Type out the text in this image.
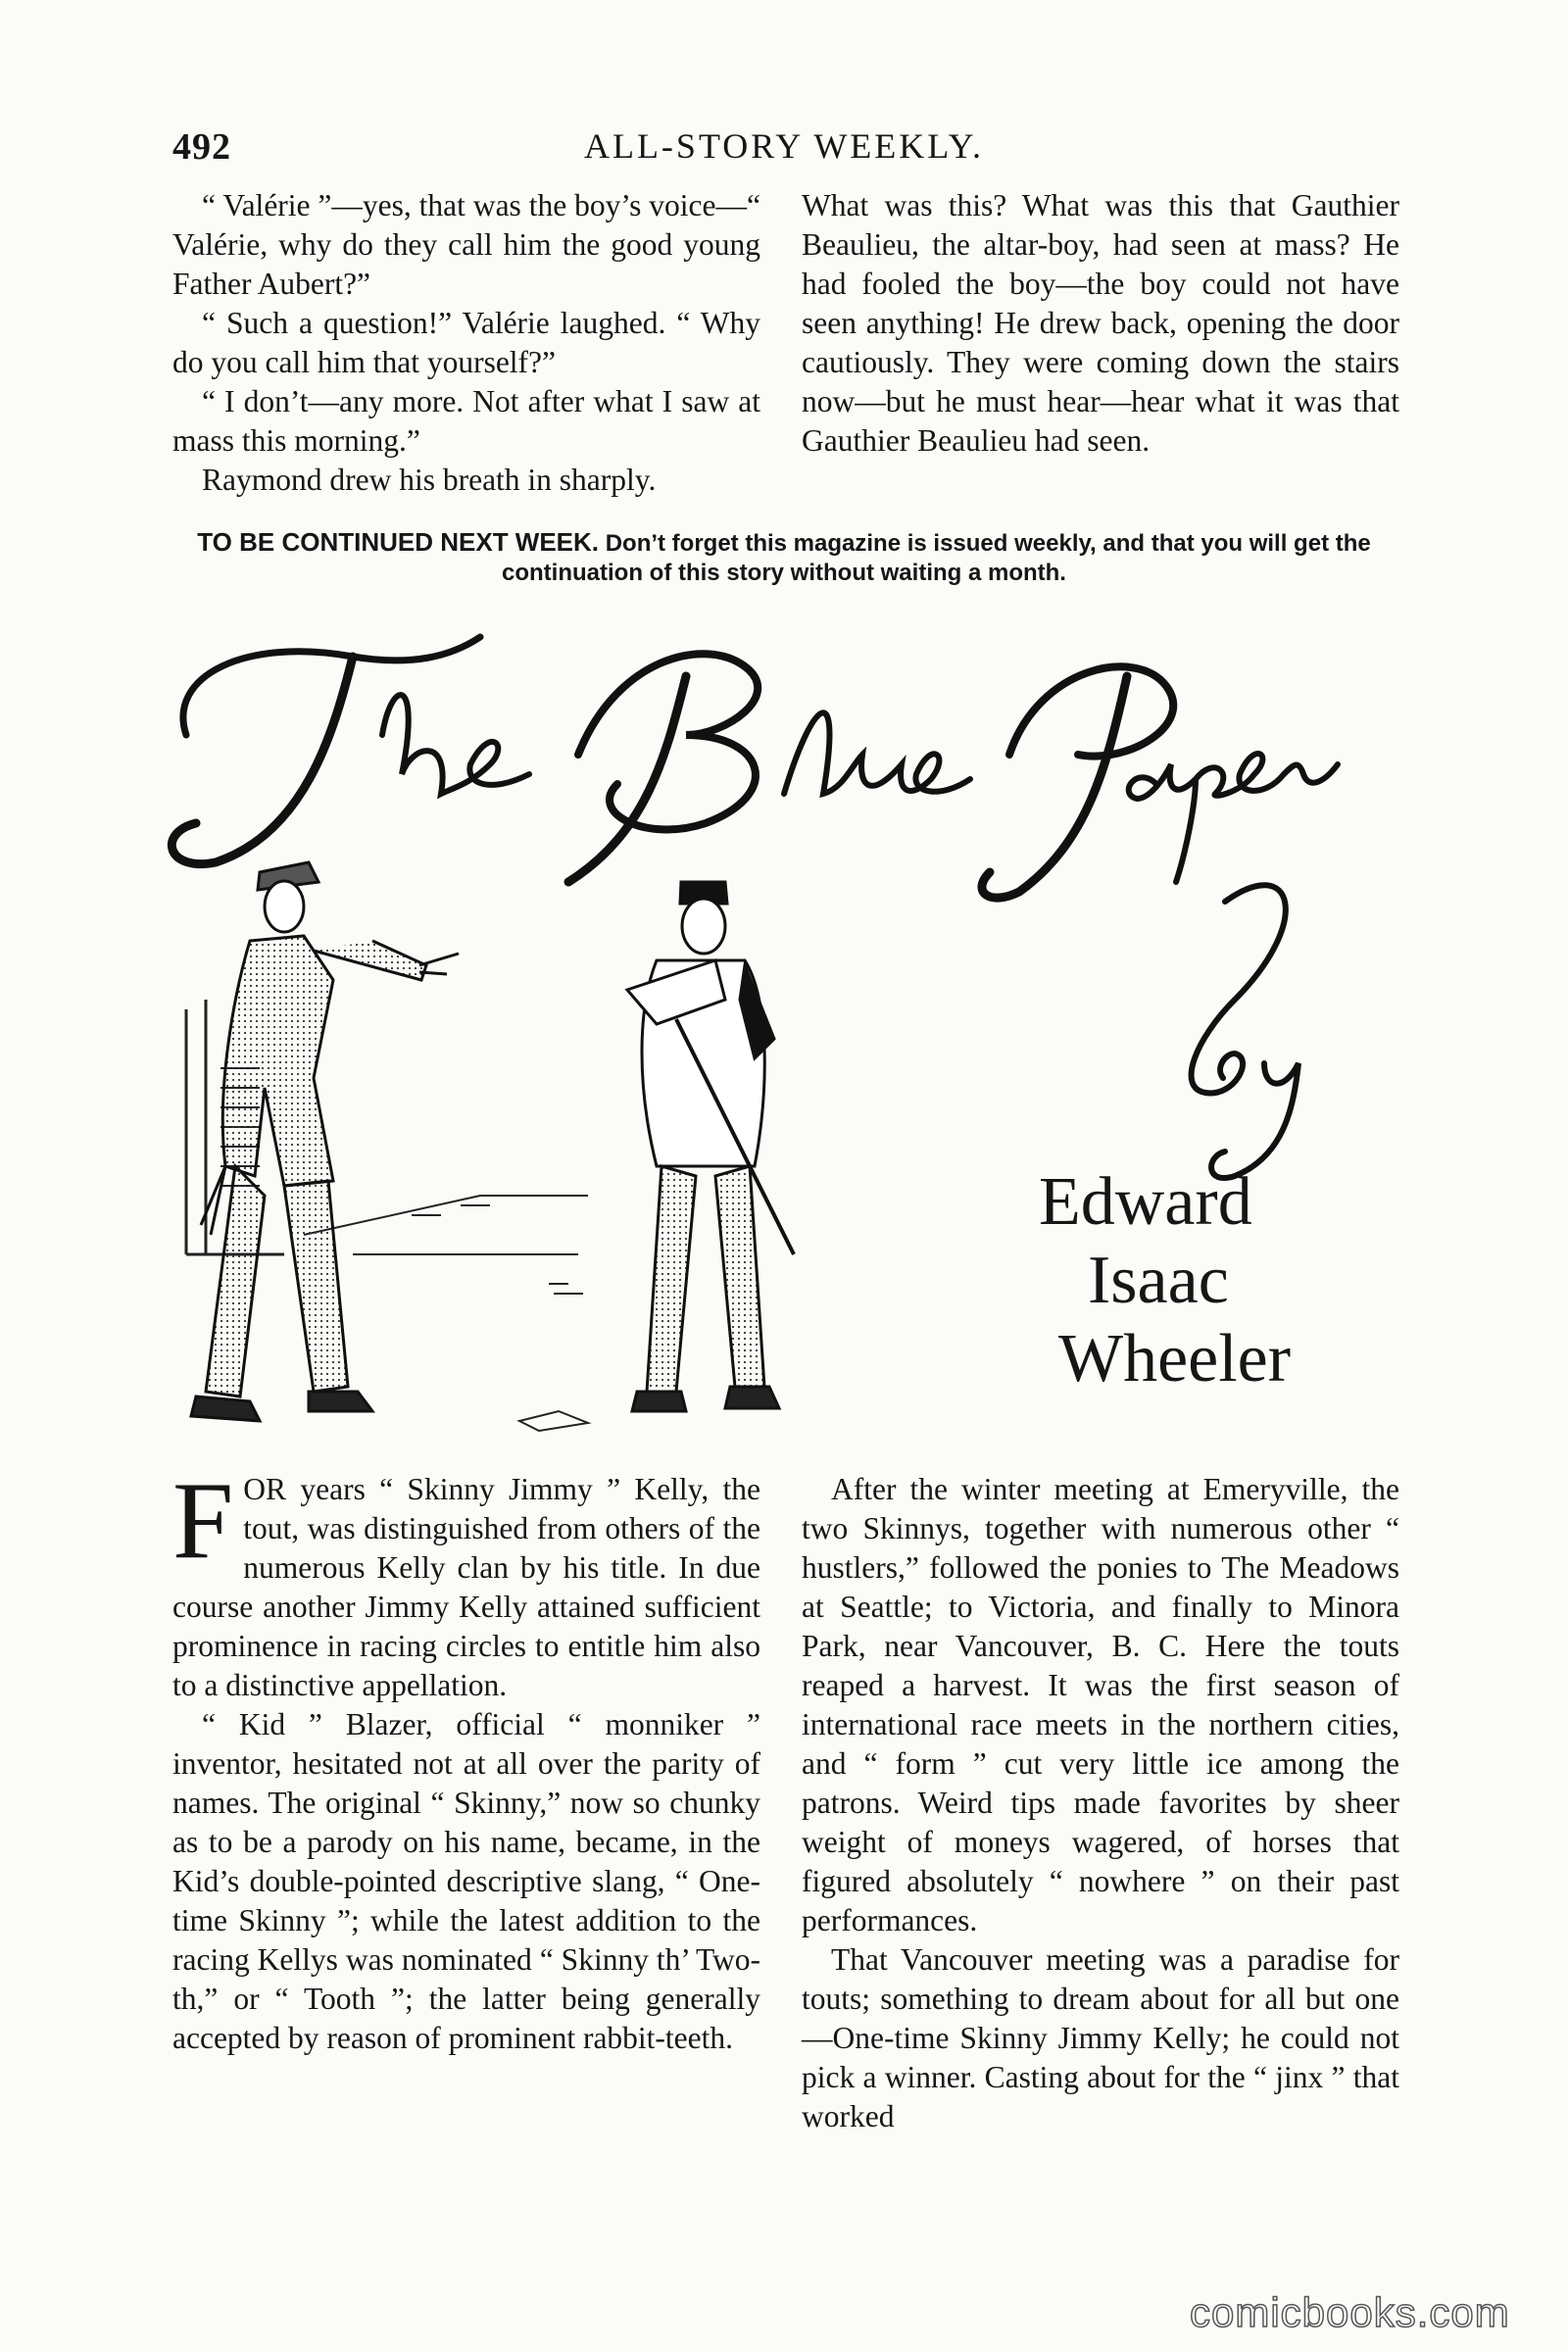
492	ALL-STORY WEEKLY.

“ Valérie ”—yes, that was the boy’s voice—“ Valérie, why do they call him the good young Father Aubert?”

“ Such a question!” Valérie laughed. “ Why do you call him that yourself?”

“ I don’t—any more. Not after what I saw at mass this morning.”

Raymond drew his breath in sharply.

What was this? What was this that Gauthier Beaulieu, the altar-boy, had seen at mass? He had fooled the boy—the boy could not have seen anything! He drew back, opening the door cautiously. They were coming down the stairs now—but he must hear—hear what it was that Gauthier Beaulieu had seen.

TO BE CONTINUED NEXT WEEK. Don’t forget this magazine is issued weekly, and that you will get the continuation of this story without waiting a month.
Edward
Isaac
Wheeler

FOR years “ Skinny Jimmy ” Kelly, the tout, was distinguished from others of the numerous Kelly clan by his title. In due course another Jimmy Kelly attained sufficient prominence in racing circles to entitle him also to a distinctive appellation.

“ Kid ” Blazer, official “ monniker ” inventor, hesitated not at all over the parity of names. The original “ Skinny,” now so chunky as to be a parody on his name, became, in the Kid’s double-pointed descriptive slang, “ One-time Skinny ”; while the latest addition to the racing Kellys was nominated “ Skinny th’ Two-th,” or “ Tooth ”; the latter being generally accepted by reason of prominent rabbit-teeth.

After the winter meeting at Emeryville, the two Skinnys, together with numerous other “ hustlers,” followed the ponies to The Meadows at Seattle; to Victoria, and finally to Minora Park, near Vancouver, B. C. Here the touts reaped a harvest. It was the first season of international race meets in the northern cities, and “ form ” cut very little ice among the patrons. Weird tips made favorites by sheer weight of moneys wagered, of horses that figured absolutely “ nowhere ” on their past performances.

That Vancouver meeting was a paradise for touts; something to dream about for all but one—One-time Skinny Jimmy Kelly; he could not pick a winner. Casting about for the “ jinx ” that worked

comicbooks.com
